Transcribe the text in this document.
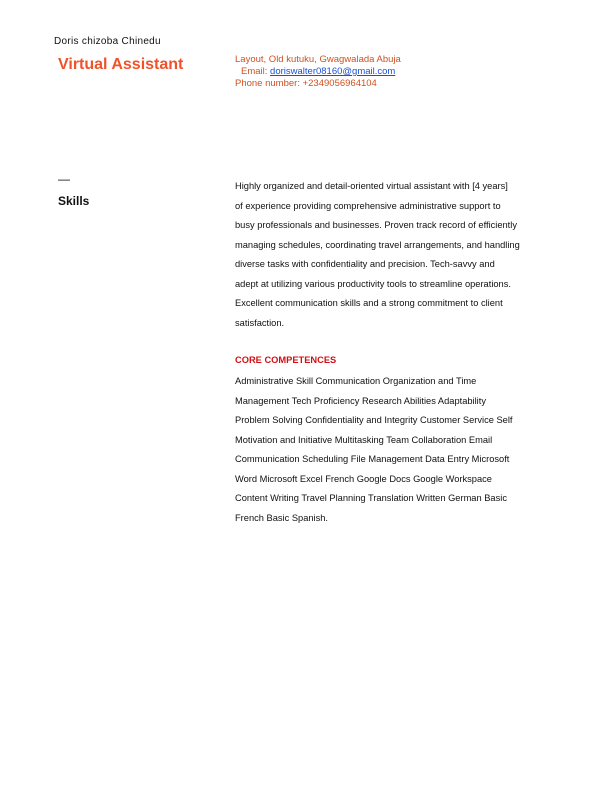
Doris chizoba Chinedu
Virtual Assistant	Layout, Old kutuku, Gwagwalada Abuja
Email: doriswalter08160@gmail.com
Phone number: +2349056964104
—
Skills
Highly organized and detail-oriented virtual assistant with [4 years]
of experience providing comprehensive administrative support to
busy professionals and businesses. Proven track record of efficiently
managing schedules, coordinating travel arrangements, and handling
diverse tasks with confidentiality and precision. Tech-savvy and
adept at utilizing various productivity tools to streamline operations.
Excellent communication skills and a strong commitment to client
satisfaction.
CORE COMPETENCES
Administrative Skill Communication Organization and Time
Management Tech Proficiency Research Abilities Adaptability
Problem Solving Confidentiality and Integrity Customer Service Self
Motivation and Initiative Multitasking Team Collaboration Email
Communication Scheduling File Management Data Entry Microsoft
Word Microsoft Excel French Google Docs Google Workspace
Content Writing Travel Planning Translation Written German Basic
French Basic Spanish.
